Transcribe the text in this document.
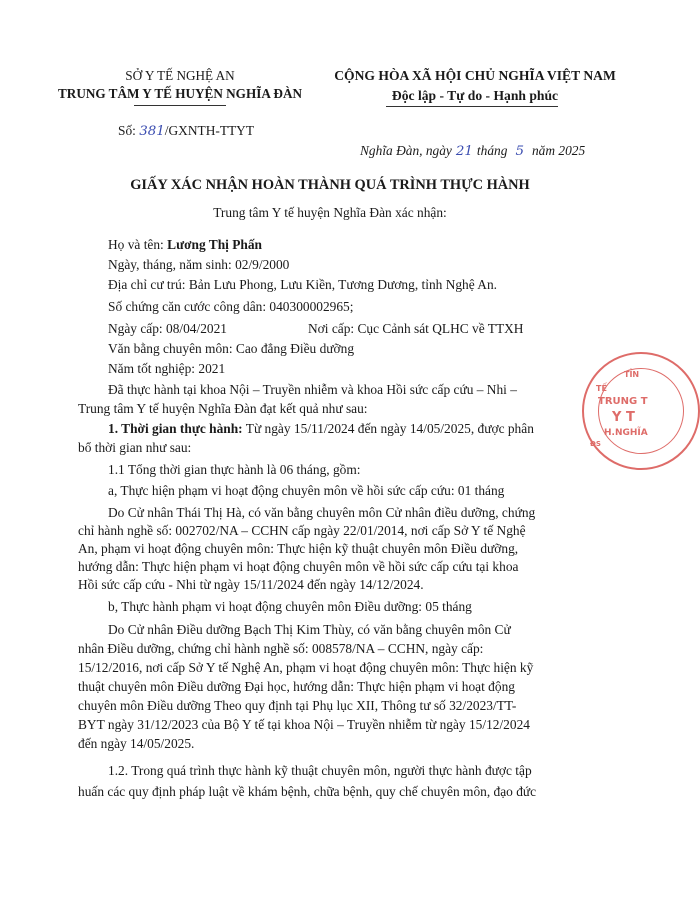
SỞ Y TẾ NGHỆ AN
TRUNG TÂM Y TẾ HUYỆN NGHĨA ĐÀN
Số: 381/GXNTH-TTYT
CỘNG HÒA XÃ HỘI CHỦ NGHĨA VIỆT NAM
Độc lập - Tự do - Hạnh phúc
Nghĩa Đàn, ngày 21 tháng 5 năm 2025
GIẤY XÁC NHẬN HOÀN THÀNH QUÁ TRÌNH THỰC HÀNH
Trung tâm Y tế huyện Nghĩa Đàn xác nhận:
Họ và tên: Lương Thị Phấn
Ngày, tháng, năm sinh: 02/9/2000
Địa chỉ cư trú: Bản Lưu Phong, Lưu Kiền, Tương Dương, tỉnh Nghệ An.
Số chứng căn cước công dân: 040300002965;
Ngày cấp: 08/04/2021	Nơi cấp: Cục Cảnh sát QLHC về TTXH
Văn bằng chuyên môn: Cao đẳng Điều dưỡng
Năm tốt nghiệp: 2021
Đã thực hành tại khoa Nội – Truyền nhiễm và khoa Hồi sức cấp cứu – Nhi –
Trung tâm Y tế huyện Nghĩa Đàn đạt kết quả như sau:
1. Thời gian thực hành: Từ ngày 15/11/2024 đến ngày 14/05/2025, được phân
bổ thời gian như sau:
1.1 Tổng thời gian thực hành là 06 tháng, gồm:
a, Thực hiện phạm vi hoạt động chuyên môn về hồi sức cấp cứu: 01 tháng
Do Cử nhân Thái Thị Hà, có văn bằng chuyên môn Cử nhân điều dưỡng, chứng
chỉ hành nghề số: 002702/NA – CCHN cấp ngày 22/01/2014, nơi cấp Sở Y tế Nghệ
An, phạm vi hoạt động chuyên môn: Thực hiện kỹ thuật chuyên môn Điều dưỡng,
hướng dẫn: Thực hiện phạm vi hoạt động chuyên môn về hồi sức cấp cứu tại khoa
Hồi sức cấp cứu - Nhi từ ngày 15/11/2024 đến ngày 14/12/2024.
b, Thực hành phạm vi hoạt động chuyên môn Điều dưỡng: 05 tháng
Do Cử nhân Điều dưỡng Bạch Thị Kim Thùy, có văn bằng chuyên môn Cử
nhân Điều dưỡng, chứng chỉ hành nghề số: 008578/NA – CCHN, ngày cấp:
15/12/2016, nơi cấp Sở Y tế Nghệ An, phạm vi hoạt động chuyên môn: Thực hiện kỹ
thuật chuyên môn Điều dưỡng Đại học, hướng dẫn: Thực hiện phạm vi hoạt động
chuyên môn Điều dưỡng Theo quy định tại Phụ lục XII, Thông tư số 32/2023/TT-
BYT ngày 31/12/2023 của Bộ Y tế tại khoa Nội – Truyền nhiễm từ ngày 15/12/2024
đến ngày 14/05/2025.
1.2. Trong quá trình thực hành kỹ thuật chuyên môn, người thực hành được tập
huấn các quy định pháp luật về khám bệnh, chữa bệnh, quy chế chuyên môn, đạo đức
TỈN
TẾ
TRUNG T
Y T
H.NGHĨA
ĐS
